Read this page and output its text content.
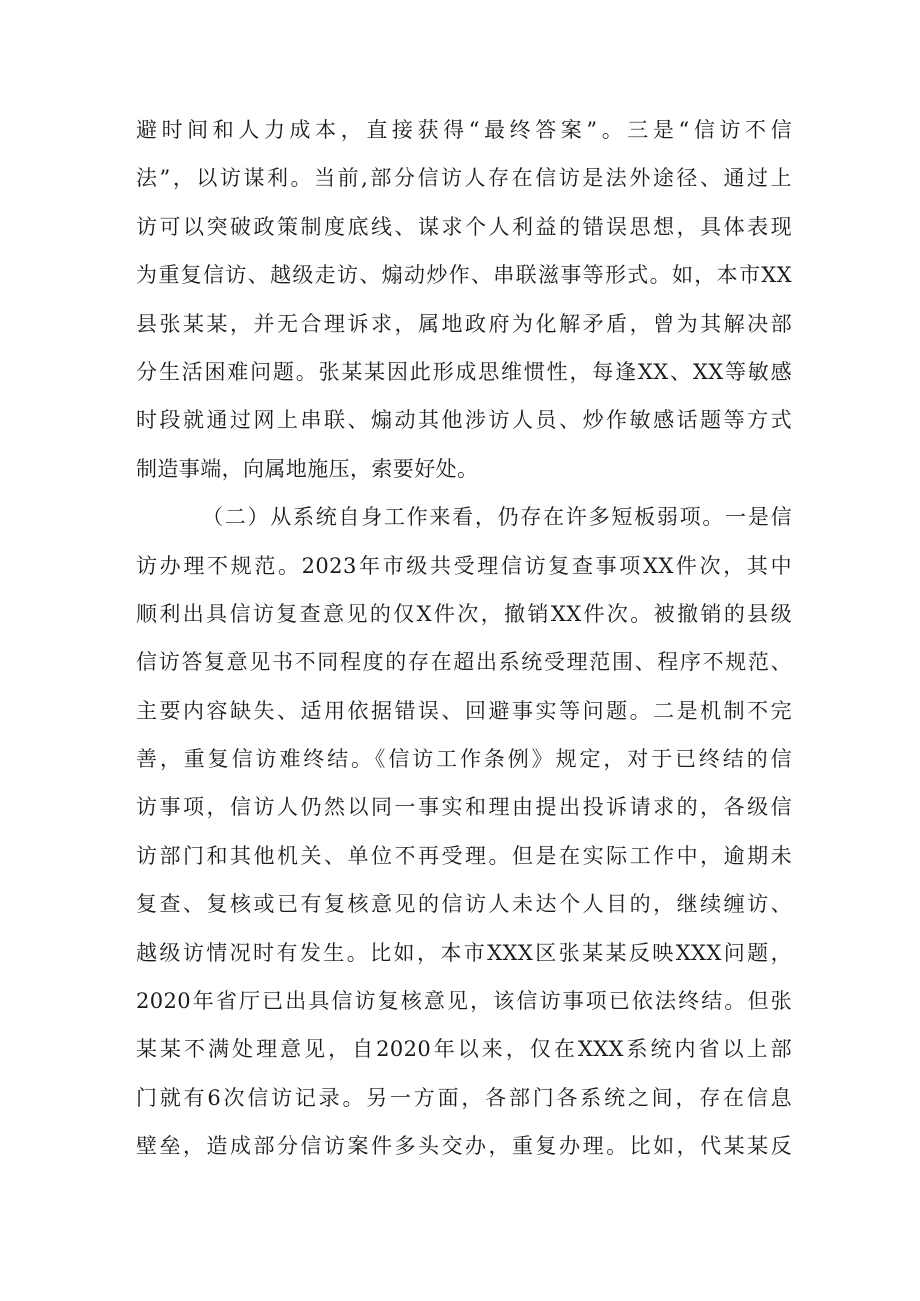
避时间和人力成本，直接获得“最终答案”。三是“信访不信
法”，以访谋利。当前,部分信访人存在信访是法外途径、通过上
访可以突破政策制度底线、谋求个人利益的错误思想，具体表现
为重复信访、越级走访、煽动炒作、串联滋事等形式。如，本市XX
县张某某，并无合理诉求，属地政府为化解矛盾，曾为其解决部
分生活困难问题。张某某因此形成思维惯性，每逢XX、XX等敏感
时段就通过网上串联、煽动其他涉访人员、炒作敏感话题等方式
制造事端，向属地施压，索要好处。
（二）从系统自身工作来看，仍存在许多短板弱项。一是信
访办理不规范。2023年市级共受理信访复查事项XX件次，其中
顺利出具信访复查意见的仅X件次，撤销XX件次。被撤销的县级
信访答复意见书不同程度的存在超出系统受理范围、程序不规范、
主要内容缺失、适用依据错误、回避事实等问题。二是机制不完
善，重复信访难终结。《信访工作条例》规定，对于已终结的信
访事项，信访人仍然以同一事实和理由提出投诉请求的，各级信
访部门和其他机关、单位不再受理。但是在实际工作中，逾期未
复查、复核或已有复核意见的信访人未达个人目的，继续缠访、
越级访情况时有发生。比如，本市XXX区张某某反映XXX问题，
2020年省厅已出具信访复核意见，该信访事项已依法终结。但张
某某不满处理意见，自2020年以来，仅在XXX系统内省以上部
门就有6次信访记录。另一方面，各部门各系统之间，存在信息
壁垒，造成部分信访案件多头交办，重复办理。比如，代某某反
